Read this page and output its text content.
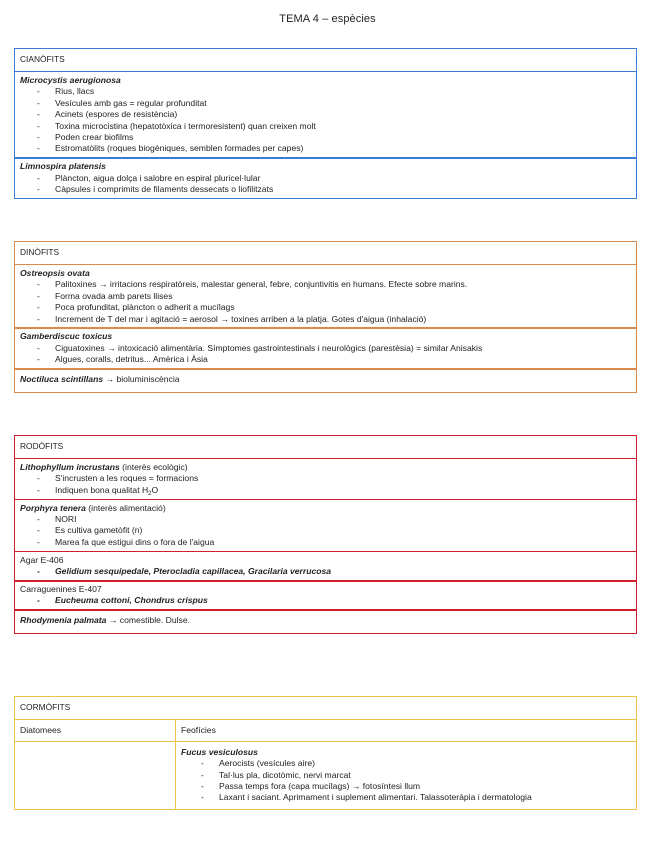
TEMA 4 – espècies
CIANÒFITS
Microcystis aerugionosa
- Rius, llacs
- Vesícules amb gas = regular profunditat
- Acinets (espores de resistència)
- Toxina microcistina (hepatotòxica i termoresistent) quan creixen molt
- Poden crear biofilms
- Estromatòlits (roques biogèniques, semblen formades per capes)
Limnospira platensis
- Plàncton, aigua dolça i salobre en espiral pluricel·lular
- Càpsules i comprimits de filaments dessecats o liofilitzats
DINÒFITS
Ostreopsis ovata
- Palitoxines → irritacions respiratòreis, malestar general, febre, conjuntivitis en humans. Efecte sobre marins.
- Forma ovada amb parets llises
- Poca profunditat, plàncton o adherit a mucílags
- Increment de T del mar i agitació = aerosol → toxines arriben a la platja. Gotes d'aigua (inhalació)
Gamberdiscuc toxicus
- Ciguatoxines → intoxicació alimentària. Símptomes gastrointestinals i neurològics (parestèsia) = similar Anisakis
- Algues, coralls, detritus... Amèrica i Àsia
Noctiluca scintillans → bioluminiscència
RODÒFITS
Lithophyllum incrustans (interès ecològic)
- S'incrusten a les roques = formacions
- Indiquen bona qualitat $H_2O$
Porphyra tenera (interès alimentació)
- NORI
- Es cultiva gametòfit (n)
- Marea fa que estigui dins o fora de l'aigua
Agar E-406
- Gelidium sesquipedale, Pterocladia capillacea, Gracilaria verrucosa
Carraguenines E-407
- Eucheuma cottoni, Chondrus crispus
Rhodymenia palmata → comestible. Dulse.
CORMÒFITS
Diatomees	Feofícies
Fucus vesiculosus
- Aerocists (vesícules aire)
- Tal·lus pla, dicotòmic, nervi marcat
- Passa temps fora (capa mucílags) → fotosíntesi llum
- Laxant i saciant. Aprimament i suplement alimentari. Talassoteràpia i dermatologia
